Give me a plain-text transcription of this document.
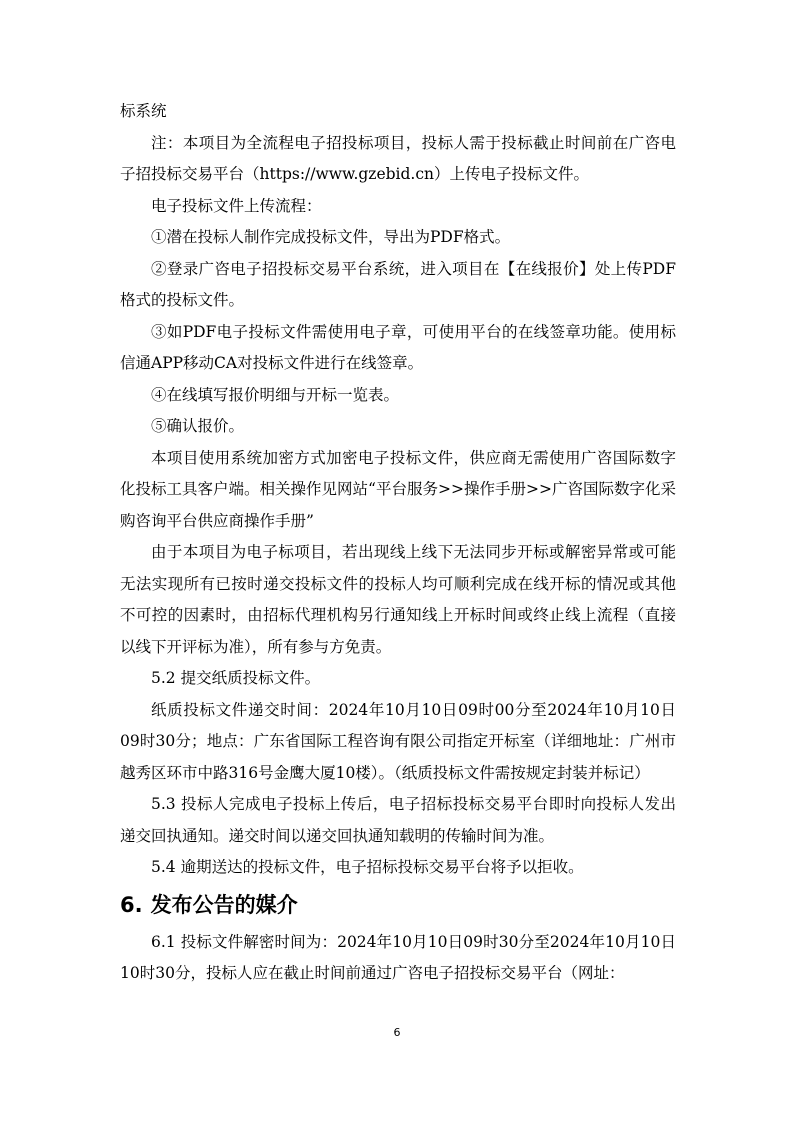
标系统

注：本项目为全流程电子招投标项目，投标人需于投标截止时间前在广咨电子招投标交易平台（https://www.gzebid.cn）上传电子投标文件。

电子投标文件上传流程：

①潜在投标人制作完成投标文件，导出为PDF格式。

②登录广咨电子招投标交易平台系统，进入项目在【在线报价】处上传PDF格式的投标文件。

③如PDF电子投标文件需使用电子章，可使用平台的在线签章功能。使用标信通APP移动CA对投标文件进行在线签章。

④在线填写报价明细与开标一览表。

⑤确认报价。

本项目使用系统加密方式加密电子投标文件，供应商无需使用广咨国际数字化投标工具客户端。相关操作见网站“平台服务>>操作手册>>广咨国际数字化采购咨询平台供应商操作手册”

由于本项目为电子标项目，若出现线上线下无法同步开标或解密异常或可能无法实现所有已按时递交投标文件的投标人均可顺利完成在线开标的情况或其他不可控的因素时，由招标代理机构另行通知线上开标时间或终止线上流程（直接以线下开评标为准），所有参与方免责。

5.2 提交纸质投标文件。

纸质投标文件递交时间：2024年10月10日09时00分至2024年10月10日09时30分；地点：广东省国际工程咨询有限公司指定开标室（详细地址：广州市越秀区环市中路316号金鹰大厦10楼）。（纸质投标文件需按规定封装并标记）

5.3 投标人完成电子投标上传后，电子招标投标交易平台即时向投标人发出递交回执通知。递交时间以递交回执通知载明的传输时间为准。

5.4 逾期送达的投标文件，电子招标投标交易平台将予以拒收。

6. 发布公告的媒介

6.1 投标文件解密时间为：2024年10月10日09时30分至2024年10月10日10时30分，投标人应在截止时间前通过广咨电子招投标交易平台（网址：

6
